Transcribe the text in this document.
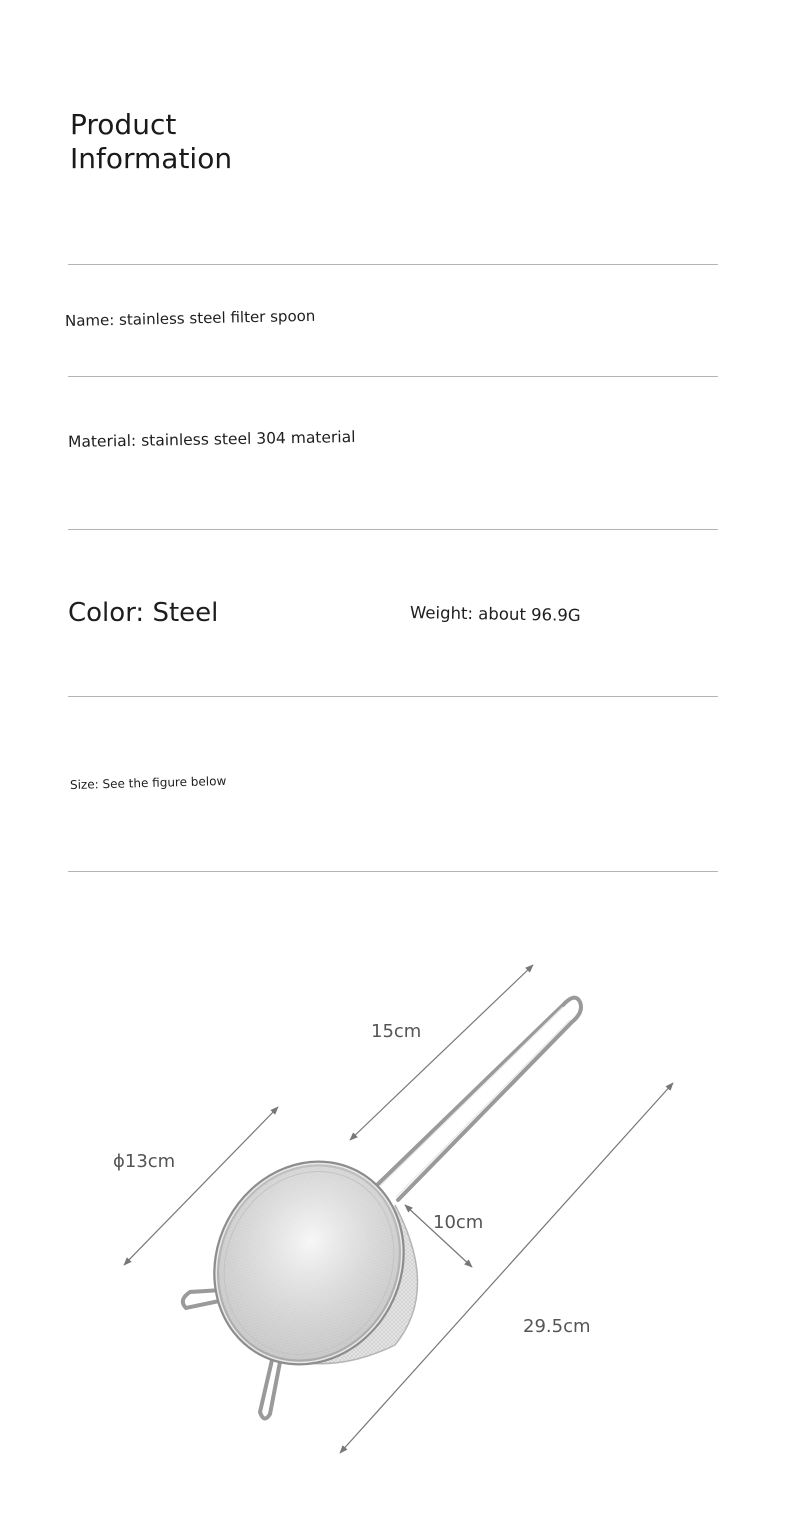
Product
Information
Name: stainless steel filter spoon
Material: stainless steel 304 material
Color: Steel	Weight: about 96.9G
Size: See the figure below
15cm
ϕ13cm
10cm
29.5cm
